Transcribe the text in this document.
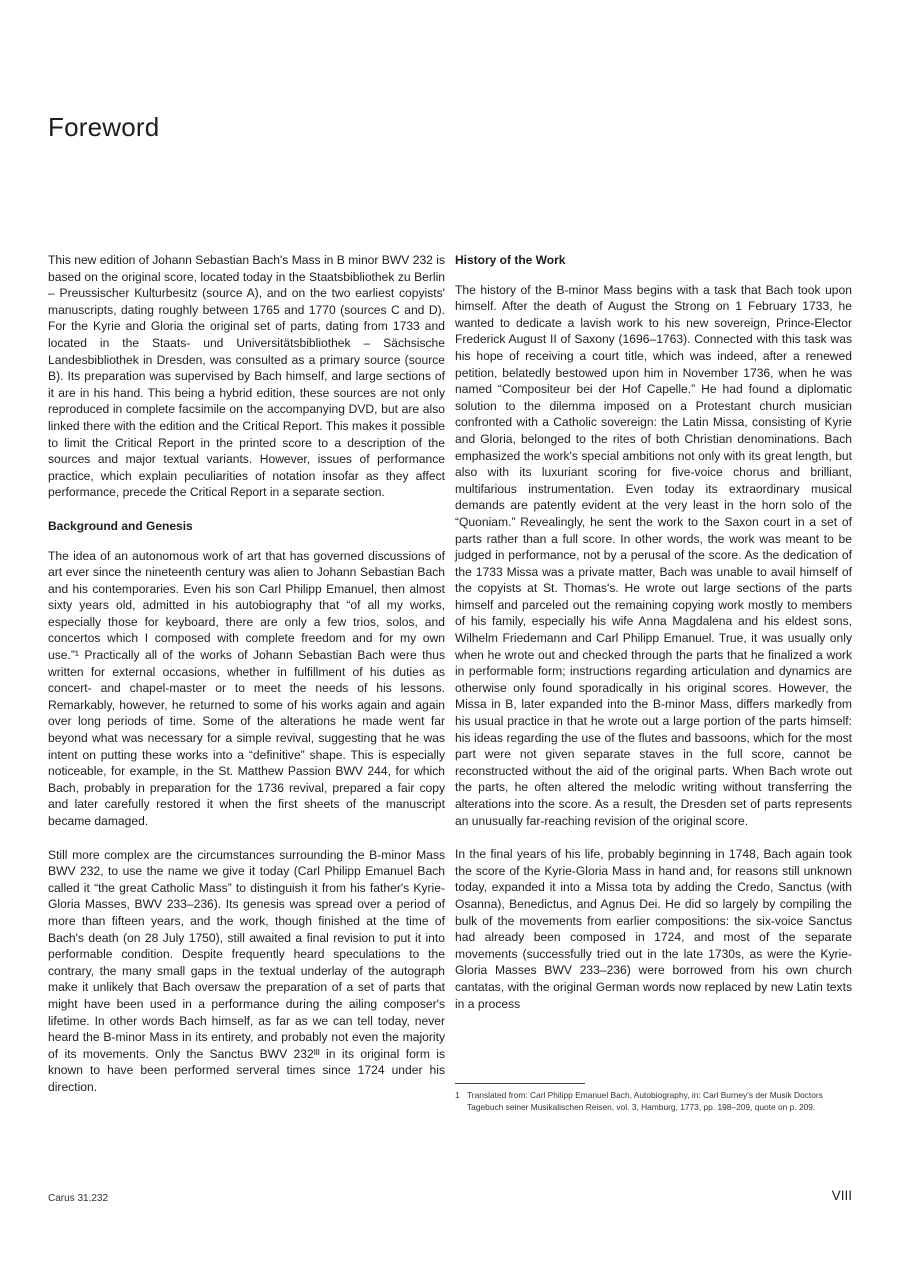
Foreword

This new edition of Johann Sebastian Bach's Mass in B minor BWV 232 is based on the original score, located today in the Staatsbibliothek zu Berlin – Preussischer Kulturbesitz (source A), and on the two earliest copyists' manuscripts, dating roughly between 1765 and 1770 (sources C and D). For the Kyrie and Gloria the original set of parts, dating from 1733 and located in the Staats- und Universitätsbibliothek – Sächsische Landesbibliothek in Dresden, was consulted as a primary source (source B). Its preparation was supervised by Bach himself, and large sections of it are in his hand. This being a hybrid edition, these sources are not only reproduced in complete facsimile on the accompanying DVD, but are also linked there with the edition and the Critical Report. This makes it possible to limit the Critical Report in the printed score to a description of the sources and major textual variants. However, issues of performance practice, which explain peculiarities of notation insofar as they affect performance, precede the Critical Report in a separate section.

Background and Genesis

The idea of an autonomous work of art that has governed discussions of art ever since the nineteenth century was alien to Johann Sebastian Bach and his contemporaries. Even his son Carl Philipp Emanuel, then almost sixty years old, admitted in his autobiography that “of all my works, especially those for keyboard, there are only a few trios, solos, and concertos which I composed with complete freedom and for my own use.”¹ Practically all of the works of Johann Sebastian Bach were thus written for external occasions, whether in fulfillment of his duties as concert- and chapel-master or to meet the needs of his lessons. Remarkably, however, he returned to some of his works again and again over long periods of time. Some of the alterations he made went far beyond what was necessary for a simple revival, suggesting that he was intent on putting these works into a “definitive” shape. This is especially noticeable, for example, in the St. Matthew Passion BWV 244, for which Bach, probably in preparation for the 1736 revival, prepared a fair copy and later carefully restored it when the first sheets of the manuscript became damaged.

Still more complex are the circumstances surrounding the B-minor Mass BWV 232, to use the name we give it today (Carl Philipp Emanuel Bach called it “the great Catholic Mass” to distinguish it from his father's Kyrie-Gloria Masses, BWV 233–236). Its genesis was spread over a period of more than fifteen years, and the work, though finished at the time of Bach's death (on 28 July 1750), still awaited a final revision to put it into performable condition. Despite frequently heard speculations to the contrary, the many small gaps in the textual underlay of the autograph make it unlikely that Bach oversaw the preparation of a set of parts that might have been used in a performance during the ailing composer's lifetime. In other words Bach himself, as far as we can tell today, never heard the B-minor Mass in its entirety, and probably not even the majority of its movements. Only the Sanctus BWV 232ᴵᴵᴵ in its original form is known to have been performed serveral times since 1724 under his direction.

History of the Work

The history of the B-minor Mass begins with a task that Bach took upon himself. After the death of August the Strong on 1 February 1733, he wanted to dedicate a lavish work to his new sovereign, Prince-Elector Frederick August II of Saxony (1696–1763). Connected with this task was his hope of receiving a court title, which was indeed, after a renewed petition, belatedly bestowed upon him in November 1736, when he was named “Compositeur bei der Hof Capelle.” He had found a diplomatic solution to the dilemma imposed on a Protestant church musician confronted with a Catholic sovereign: the Latin Missa, consisting of Kyrie and Gloria, belonged to the rites of both Christian denominations. Bach emphasized the work's special ambitions not only with its great length, but also with its luxuriant scoring for five-voice chorus and brilliant, multifarious instrumentation. Even today its extraordinary musical demands are patently evident at the very least in the horn solo of the “Quoniam.” Revealingly, he sent the work to the Saxon court in a set of parts rather than a full score. In other words, the work was meant to be judged in performance, not by a perusal of the score. As the dedication of the 1733 Missa was a private matter, Bach was unable to avail himself of the copyists at St. Thomas's. He wrote out large sections of the parts himself and parceled out the remaining copying work mostly to members of his family, especially his wife Anna Magdalena and his eldest sons, Wilhelm Friedemann and Carl Philipp Emanuel. True, it was usually only when he wrote out and checked through the parts that he finalized a work in performable form; instructions regarding articulation and dynamics are otherwise only found sporadically in his original scores. However, the Missa in B, later expanded into the B-minor Mass, differs markedly from his usual practice in that he wrote out a large portion of the parts himself: his ideas regarding the use of the flutes and bassoons, which for the most part were not given separate staves in the full score, cannot be reconstructed without the aid of the original parts. When Bach wrote out the parts, he often altered the melodic writing without transferring the alterations into the score. As a result, the Dresden set of parts represents an unusually far-reaching revision of the original score.

In the final years of his life, probably beginning in 1748, Bach again took the score of the Kyrie-Gloria Mass in hand and, for reasons still unknown today, expanded it into a Missa tota by adding the Credo, Sanctus (with Osanna), Benedictus, and Agnus Dei. He did so largely by compiling the bulk of the movements from earlier compositions: the six-voice Sanctus had already been composed in 1724, and most of the separate movements (successfully tried out in the late 1730s, as were the Kyrie-Gloria Masses BWV 233–236) were borrowed from his own church cantatas, with the original German words now replaced by new Latin texts in a process

1 Translated from: Carl Philipp Emanuel Bach, Autobiography, in: Carl Burney's der Musik Doctors Tagebuch seiner Musikalischen Reisen, vol. 3, Hamburg, 1773, pp. 198–209, quote on p. 209.
Carus 31.232	VIII
